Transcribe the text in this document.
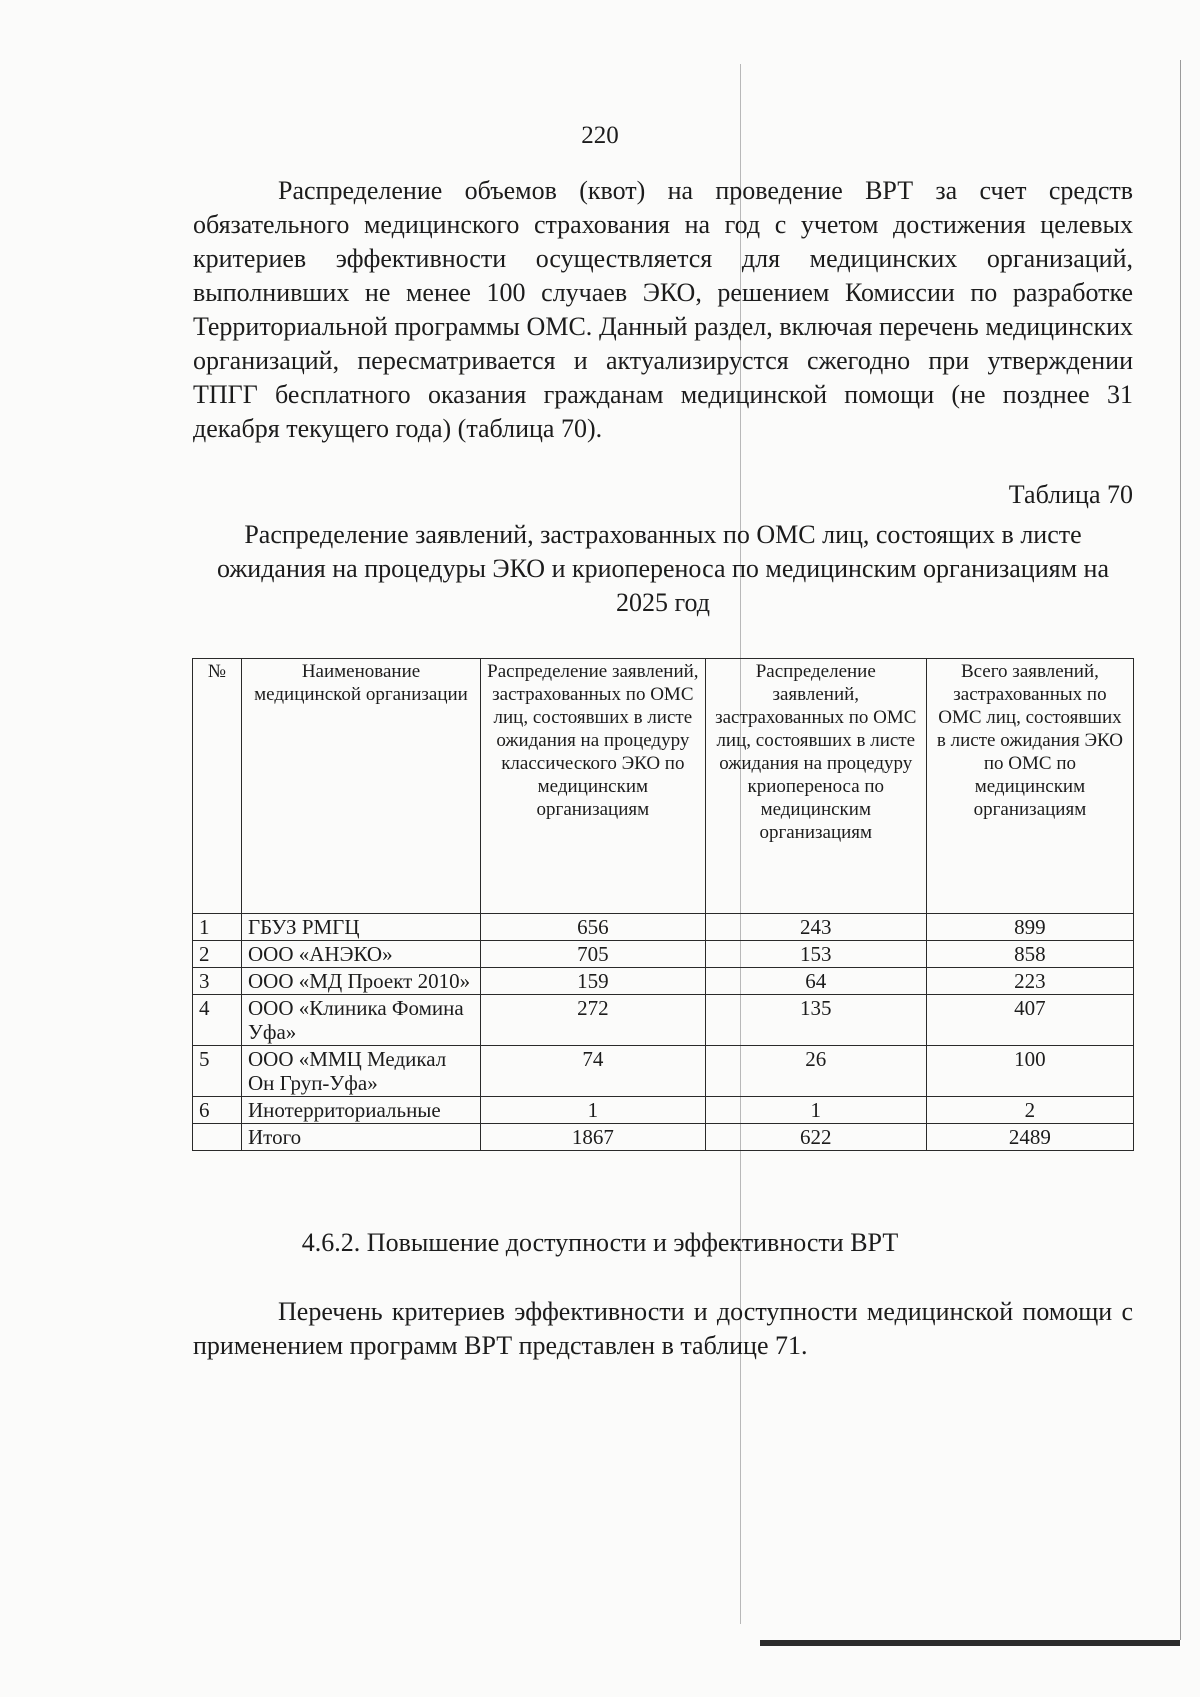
220

Распределение объемов (квот) на проведение ВРТ за счет средств обязательного медицинского страхования на год с учетом достижения целевых критериев эффективности осуществляется для медицинских организаций, выполнивших не менее 100 случаев ЭКО, решением Комиссии по разработке Территориальной программы ОМС. Данный раздел, включая перечень медицинских организаций, пересматривается и актуализирустся сжегодно при утверждении ТПГГ бесплатного оказания гражданам медицинской помощи (не позднее 31 декабря текущего года) (таблица 70).

Таблица 70
Распределение заявлений, застрахованных по ОМС лиц, состоящих в листе ожидания на процедуры ЭКО и криопереноса по медицинским организациям на 2025 год
№	Наименование медицинской организации	Распределение заявлений, застрахованных по ОМС лиц, состоявших в листе ожидания на процедуру классического ЭКО по медицинским организациям	Распределение заявлений, застрахованных по ОМС лиц, состоявших в листе ожидания на процедуру криопереноса по медицинским организациям	Всего заявлений, застрахованных по ОМС лиц, состоявших в листе ожидания ЭКО по ОМС по медицинским организациям
1	ГБУЗ РМГЦ	656	243	899
2	ООО «АНЭКО»	705	153	858
3	ООО «МД Проект 2010»	159	64	223
4	ООО «Клиника Фомина Уфа»	272	135	407
5	ООО «ММЦ Медикал Он Груп-Уфа»	74	26	100
6	Инотерриториальные	1	1	2
	Итого	1867	622	2489
4.6.2. Повышение доступности и эффективности ВРТ

Перечень критериев эффективности и доступности медицинской помощи с применением программ ВРТ представлен в таблице 71.
